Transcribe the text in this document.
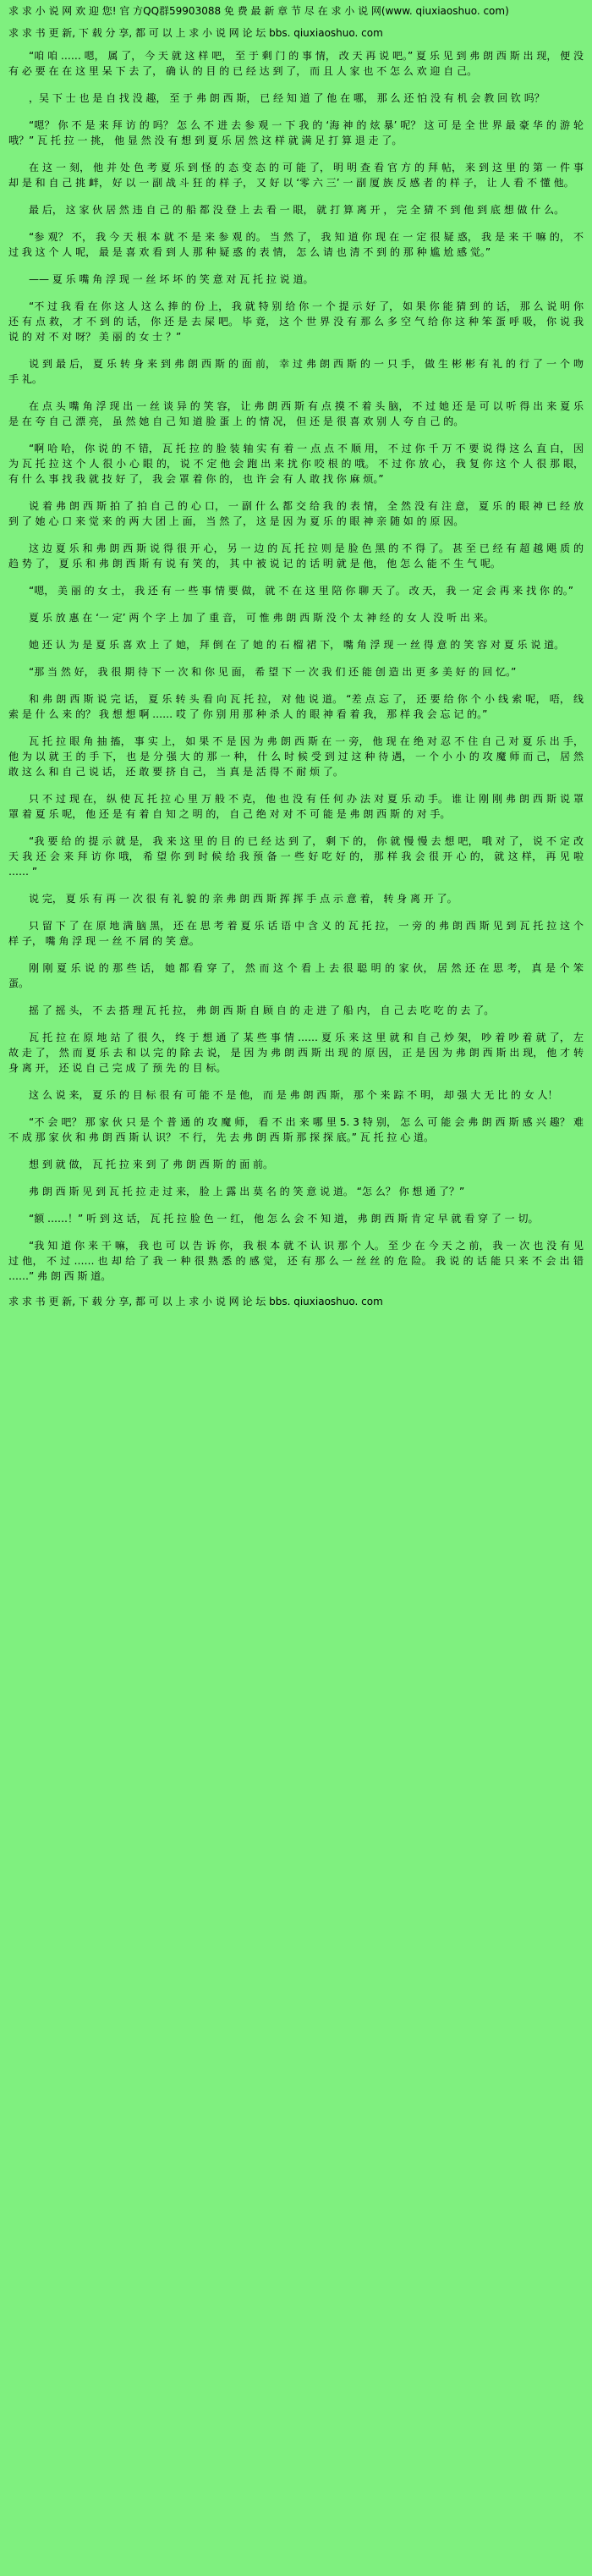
求 求 小 说 网 欢 迎 您! 官 方QQ群59903088 免 费 最 新 章 节 尽 在 求 小 说 网(www. qiuxiaoshuo. com)
求 求 书 更 新, 下 载 分 享, 都 可 以 上 求 小 说 网 论 坛 bbs. qiuxiaoshuo. com

“咱 咱 …… 嗯， 属 了， 今 天 就 这 样 吧， 至 于 剩 门 的 事 情， 改 天 再 说 吧。” 夏 乐 见 到 弗 朗 西 斯 出 现， 便 没 有 必 要 在 在 这 里 呆 下 去 了， 确 认 的 目 的 已 经 达 到 了， 而 且 人 家 也 不 怎 么 欢 迎 自 己。

，吴 下 士 也 是 自 找 没 趣， 至 于 弗 朗 西 斯， 已 经 知 道 了 他 在 哪， 那 么 还 怕 没 有 机 会 教 回 钦 吗？

“嗯？ 你 不 是 来 拜 访 的 吗？ 怎 么 不 进 去 参 观 一 下 我 的 ‘海 神 的 炫 暴’ 呢？ 这 可 是 全 世 界 最 豪 华 的 游 轮 哦？” 瓦 托 拉 一 挑， 他 显 然 没 有 想 到 夏 乐 居 然 这 样 就 满 足 打 算 退 走 了。

在 这 一 刻， 他 并 处 色 考 夏 乐 到 怪 的 态 变 态 的 可 能 了， 明 明 查 看 官 方 的 拜 帖， 来 到 这 里 的 第 一 件 事 却 是 和 自 己 挑 衅， 好 以 一 副 战 斗 狂 的 样 子， 又 好 以 ‘零 六 三’ 一 副 厦 族 反 感 者 的 样 子， 让 人 看 不 懂 他。

最 后， 这 家 伙 居 然 违 自 己 的 船 都 没 登 上 去 看 一 眼， 就 打 算 离 开 ， 完 全 猜 不 到 他 到 底 想 做 什 么。

“参 观？ 不， 我 今 天 根 本 就 不 是 来 参 观 的。 当 然 了， 我 知 道 你 现 在 一 定 很 疑 惑， 我 是 来 干 嘛 的， 不 过 我 这 个 人 呢， 最 是 喜 欢 看 到 人 那 种 疑 惑 的 表 情， 怎 么 请 也 清 不 到 的 那 种 尴 尬 感 觉。”

—— 夏 乐 嘴 角 浮 现 一 丝 坏 坏 的 笑 意 对 瓦 托 拉 说 道。

“不 过 我 看 在 你 这 人 这 么 捧 的 份 上， 我 就 特 别 给 你 一 个 提 示 好 了， 如 果 你 能 猜 到 的 话， 那 么 说 明 你 还 有 点 救， 才 不 到 的 话， 你 还 是 去 屎 吧。 毕 竟， 这 个 世 界 没 有 那 么 多 空 气 给 你 这 种 笨 蛋 呼 吸， 你 说 我 说 的 对 不 对 呀？ 美 丽 的 女 士 ？”

说 到 最 后， 夏 乐 转 身 来 到 弗 朗 西 斯 的 面 前， 幸 过 弗 朗 西 斯 的 一 只 手， 做 生 彬 彬 有 礼 的 行 了 一 个 吻 手 礼。

在 点 头 嘴 角 浮 现 出 一 丝 谈 异 的 笑 容， 让 弗 朗 西 斯 有 点 摸 不 着 头 脑， 不 过 她 还 是 可 以 听 得 出 来 夏 乐 是 在 夸 自 己 漂 亮， 虽 然 她 自 己 知 道 脸 蛋 上 的 情 况， 但 还 是 很 喜 欢 别 人 夸 自 己 的。

“啊 哈 哈， 你 说 的 不 错， 瓦 托 拉 的 脸 装 轴 实 有 着 一 点 点 不 顺 用， 不 过 你 千 万 不 要 说 得 这 么 直 白， 因 为 瓦 托 拉 这 个 人 很 小 心 眼 的， 说 不 定 他 会 跑 出 来 扰 你 咬 根 的 哦。 不 过 你 放 心， 我 复 你 这 个 人 很 那 眼， 有 什 么 事 找 我 就 技 好 了， 我 会 罩 着 你 的， 也 许 会 有 人 敢 找 你 麻 烦。”

说 着 弗 朗 西 斯 拍 了 拍 自 己 的 心 口， 一 副 什 么 都 交 给 我 的 表 情， 全 然 没 有 注 意， 夏 乐 的 眼 神 已 经 放 到 了 她 心 口 来 觉 来 的 两 大 团 上 面， 当 然 了， 这 是 因 为 夏 乐 的 眼 神 亲 随 如 的 原 因。

这 边 夏 乐 和 弗 朗 西 斯 说 得 很 开 心， 另 一 边 的 瓦 托 拉 则 是 脸 色 黑 的 不 得 了。 甚 至 已 经 有 超 越 飓 质 的 趋 势 了， 夏 乐 和 弗 朗 西 斯 有 说 有 笑 的， 其 中 被 说 记 的 话 明 就 是 他， 他 怎 么 能 不 生 气 呢。

“嗯， 美 丽 的 女 士， 我 还 有 一 些 事 情 要 做， 就 不 在 这 里 陪 你 聊 天 了。 改 天， 我 一 定 会 再 来 找 你 的。”

夏 乐 放 惠 在 ‘一 定’ 两 个 字 上 加 了 重 音， 可 惟 弗 朗 西 斯 没 个 太 神 经 的 女 人 没 听 出 来。

她 还 认 为 是 夏 乐 喜 欢 上 了 她， 拜 倒 在 了 她 的 石 榴 裙 下， 嘴 角 浮 现 一 丝 得 意 的 笑 容 对 夏 乐 说 道。

“那 当 然 好， 我 很 期 待 下 一 次 和 你 见 面， 希 望 下 一 次 我 们 还 能 创 造 出 更 多 美 好 的 回 忆。”

和 弗 朗 西 斯 说 完 话， 夏 乐 转 头 看 向 瓦 托 拉， 对 他 说 道。 “差 点 忘 了， 还 要 给 你 个 小 线 索 呢， 唔， 线 索 是 什 么 来 的？ 我 想 想 啊 …… 哎 了 你 别 用 那 种 杀 人 的 眼 神 看 着 我， 那 样 我 会 忘 记 的。”

瓦 托 拉 眼 角 抽 搐， 事 实 上， 如 果 不 是 因 为 弗 朗 西 斯 在 一 旁， 他 现 在 绝 对 忍 不 住 自 己 对 夏 乐 出 手， 他 为 以 就 王 的 手 下， 也 是 分 强 大 的 那 一 种， 什 么 时 候 受 到 过 这 种 待 遇， 一 个 小 小 的 攻 魔 师 而 己， 居 然 敢 这 么 和 自 己 说 话， 还 敢 要 挤 自 己， 当 真 是 活 得 不 耐 烦 了。

只 不 过 现 在， 纵 使 瓦 托 拉 心 里 万 般 不 克， 他 也 没 有 任 何 办 法 对 夏 乐 动 手。 谁 让 刚 刚 弗 朗 西 斯 说 罩 罩 着 夏 乐 呢， 他 还 是 有 着 自 知 之 明 的， 自 己 绝 对 对 不 可 能 是 弗 朗 西 斯 的 对 手。

“我 要 给 的 提 示 就 是， 我 来 这 里 的 目 的 已 经 达 到 了， 剩 下 的， 你 就 慢 慢 去 想 吧， 哦 对 了， 说 不 定 改 天 我 还 会 来 拜 访 你 哦， 希 望 你 到 时 候 给 我 预 备 一 些 好 吃 好 的， 那 样 我 会 很 开 心 的， 就 这 样， 再 见 啦 …… ”

说 完， 夏 乐 有 再 一 次 很 有 礼 貌 的 亲 弗 朗 西 斯 挥 挥 手 点 示 意 着， 转 身 离 开 了。

只 留 下 了 在 原 地 满 脑 黑， 还 在 思 考 着 夏 乐 话 语 中 含 义 的 瓦 托 拉， 一 旁 的 弗 朗 西 斯 见 到 瓦 托 拉 这 个 样 子， 嘴 角 浮 现 一 丝 不 屑 的 笑 意。

刚 刚 夏 乐 说 的 那 些 话， 她 都 看 穿 了， 然 而 这 个 看 上 去 很 聪 明 的 家 伙， 居 然 还 在 思 考， 真 是 个 笨 蛋。

摇 了 摇 头， 不 去 搭 理 瓦 托 拉， 弗 朗 西 斯 自 顾 自 的 走 进 了 船 内， 自 己 去 吃 吃 的 去 了。

瓦 托 拉 在 原 地 站 了 很 久， 终 于 想 通 了 某 些 事 情 …… 夏 乐 来 这 里 就 和 自 己 炒 架， 吵 着 吵 着 就 了， 左 故 走 了， 然 而 夏 乐 去 和 以 完 的 除 去 说， 是 因 为 弗 朗 西 斯 出 现 的 原 因， 正 是 因 为 弗 朗 西 斯 出 现， 他 才 转 身 离 开， 还 说 自 己 完 成 了 预 先 的 目 标。

这 么 说 来， 夏 乐 的 目 标 很 有 可 能 不 是 他， 而 是 弗 朗 西 斯， 那 个 来 踪 不 明， 却 强 大 无 比 的 女 人！

“不 会 吧？ 那 家 伙 只 是 个 普 通 的 攻 魔 师， 看 不 出 来 哪 里 5. 3 特 别， 怎 么 可 能 会 弗 朗 西 斯 感 兴 趣？ 难 不 成 那 家 伙 和 弗 朗 西 斯 认 识？ 不 行， 先 去 弗 朗 西 斯 那 探 探 底。” 瓦 托 拉 心 道。

想 到 就 做， 瓦 托 拉 来 到 了 弗 朗 西 斯 的 面 前。

弗 朗 西 斯 见 到 瓦 托 拉 走 过 来， 脸 上 露 出 莫 名 的 笑 意 说 道。 “怎 么？ 你 想 通 了？”

“额 ……！” 听 到 这 话， 瓦 托 拉 脸 色 一 红， 他 怎 么 会 不 知 道， 弗 朗 西 斯 肯 定 早 就 看 穿 了 一 切。

“我 知 道 你 来 干 嘛， 我 也 可 以 告 诉 你， 我 根 本 就 不 认 识 那 个 人。 至 少 在 今 天 之 前， 我 一 次 也 没 有 见 过 他， 不 过 …… 也 却 给 了 我 一 种 很 熟 悉 的 感 觉， 还 有 那 么 一 丝 丝 的 危 险。 我 说 的 话 能 只 来 不 会 出 错 ……” 弗 朗 西 斯 道。

求 求 书 更 新, 下 载 分 享, 都 可 以 上 求 小 说 网 论 坛 bbs. qiuxiaoshuo. com
